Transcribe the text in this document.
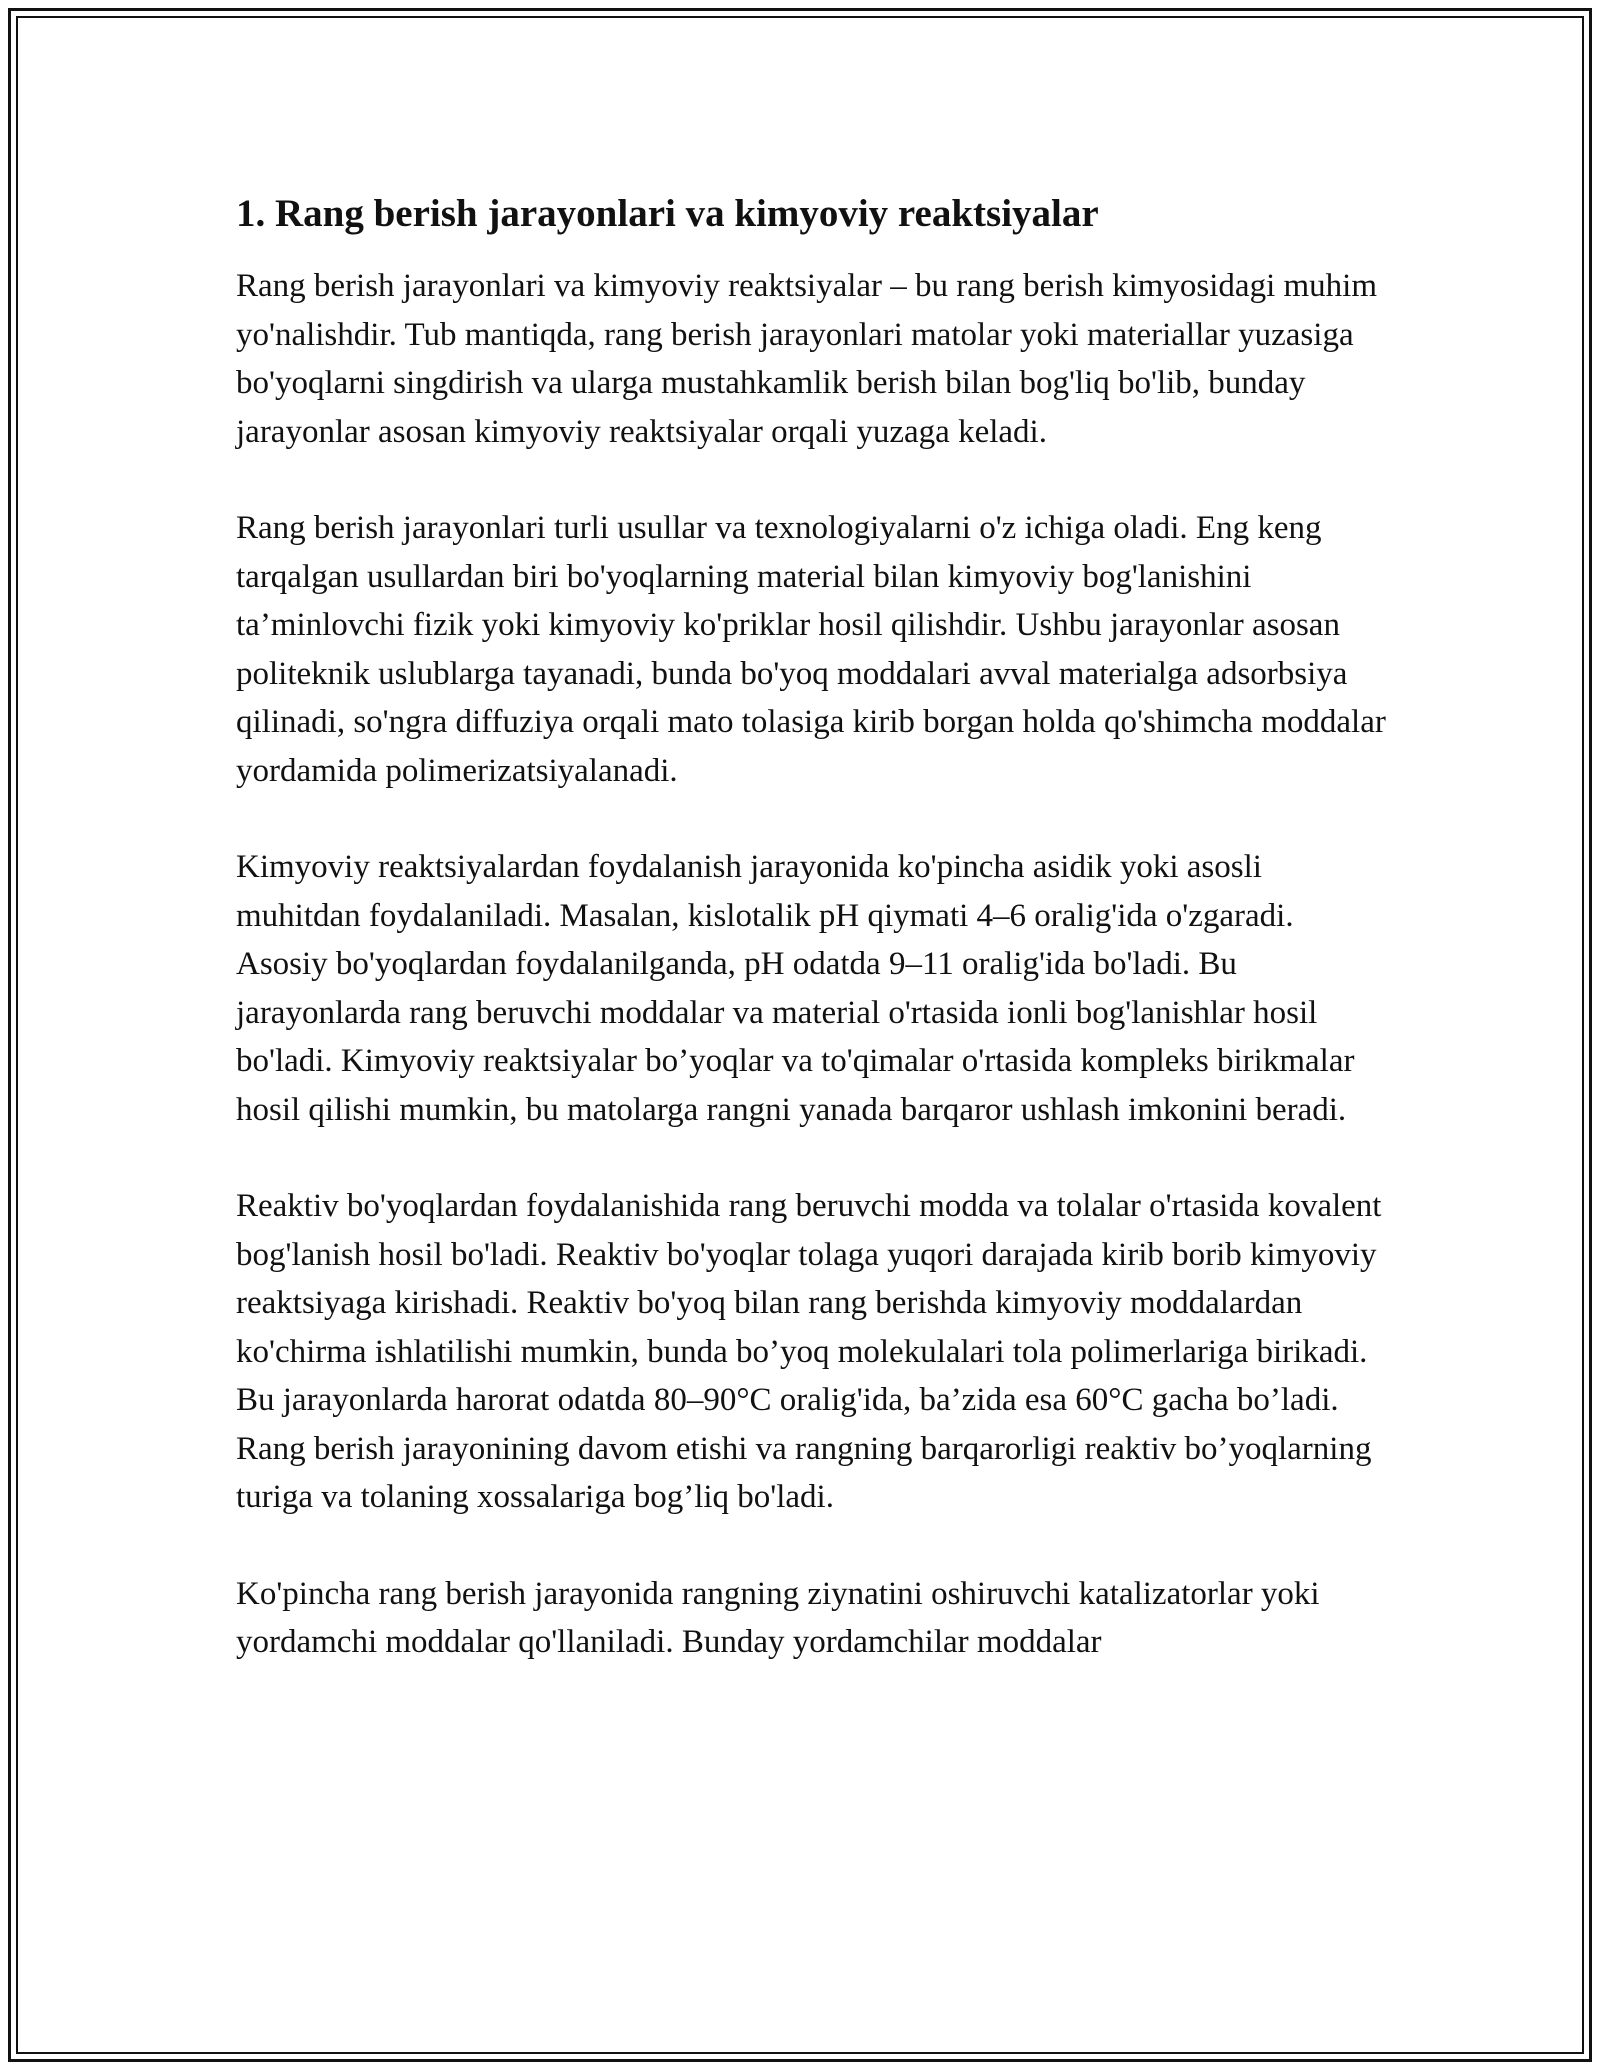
1. Rang berish jarayonlari va kimyoviy reaktsiyalar

Rang berish jarayonlari va kimyoviy reaktsiyalar – bu rang berish kimyosidagi muhim yo'nalishdir. Tub mantiqda, rang berish jarayonlari matolar yoki materiallar yuzasiga bo'yoqlarni singdirish va ularga mustahkamlik berish bilan bog'liq bo'lib, bunday jarayonlar asosan kimyoviy reaktsiyalar orqali yuzaga keladi.

Rang berish jarayonlari turli usullar va texnologiyalarni o'z ichiga oladi. Eng keng tarqalgan usullardan biri bo'yoqlarning material bilan kimyoviy bog'lanishini ta’minlovchi fizik yoki kimyoviy ko'priklar hosil qilishdir. Ushbu jarayonlar asosan politeknik uslublarga tayanadi, bunda bo'yoq moddalari avval materialga adsorbsiya qilinadi, so'ngra diffuziya orqali mato tolasiga kirib borgan holda qo'shimcha moddalar yordamida polimerizatsiyalanadi.

Kimyoviy reaktsiyalardan foydalanish jarayonida ko'pincha asidik yoki asosli muhitdan foydalaniladi. Masalan, kislotalik pH qiymati 4–6 oralig'ida o'zgaradi. Asosiy bo'yoqlardan foydalanilganda, pH odatda 9–11 oralig'ida bo'ladi. Bu jarayonlarda rang beruvchi moddalar va material o'rtasida ionli bog'lanishlar hosil bo'ladi. Kimyoviy reaktsiyalar bo’yoqlar va to'qimalar o'rtasida kompleks birikmalar hosil qilishi mumkin, bu matolarga rangni yanada barqaror ushlash imkonini beradi.

Reaktiv bo'yoqlardan foydalanishida rang beruvchi modda va tolalar o'rtasida kovalent bog'lanish hosil bo'ladi. Reaktiv bo'yoqlar tolaga yuqori darajada kirib borib kimyoviy reaktsiyaga kirishadi. Reaktiv bo'yoq bilan rang berishda kimyoviy moddalardan ko'chirma ishlatilishi mumkin, bunda bo’yoq molekulalari tola polimerlariga birikadi. Bu jarayonlarda harorat odatda 80–90°C oralig'ida, ba’zida esa 60°C gacha bo’ladi. Rang berish jarayonining davom etishi va rangning barqarorligi reaktiv bo’yoqlarning turiga va tolaning xossalariga bog’liq bo'ladi.

Ko'pincha rang berish jarayonida rangning ziynatini oshiruvchi katalizatorlar yoki yordamchi moddalar qo'llaniladi. Bunday yordamchilar moddalar
